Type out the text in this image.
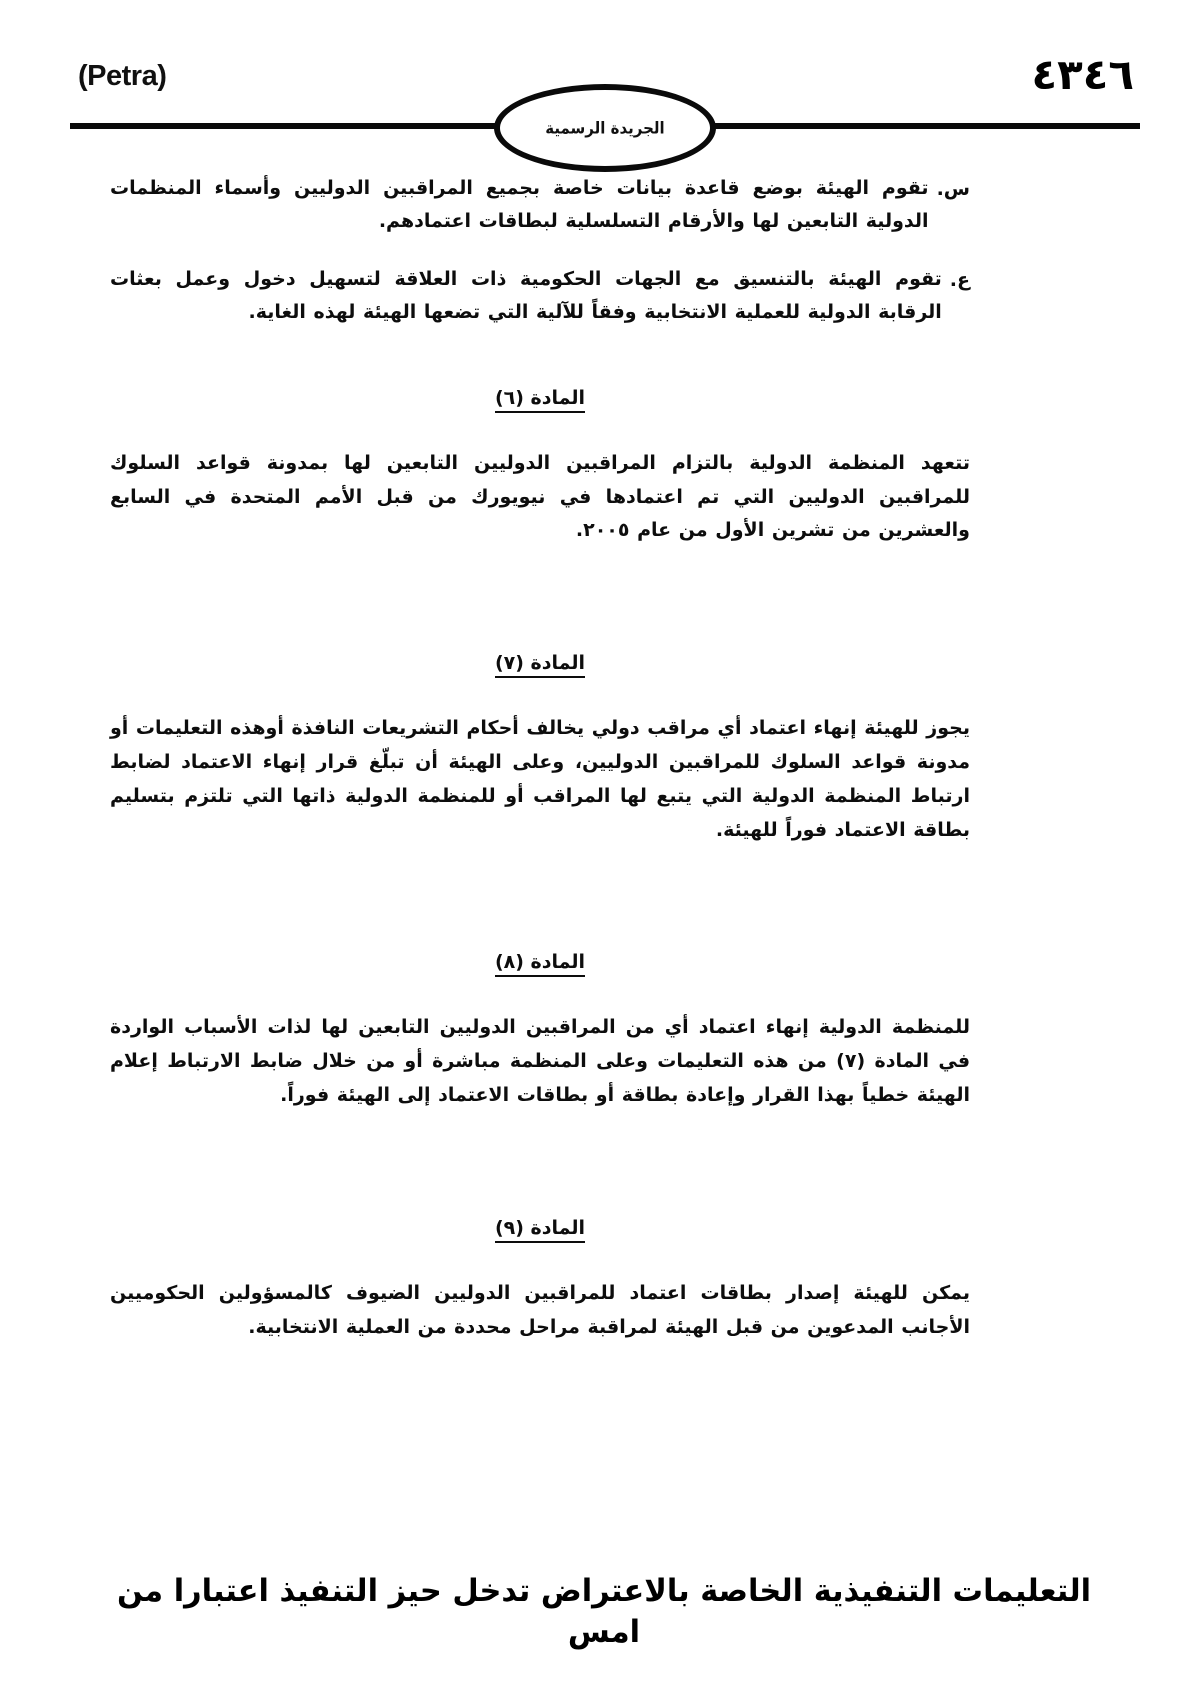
(Petra)	٤٣٤٦
الجريدة الرسمية
س.
تقوم الهيئة بوضع قاعدة بيانات خاصة بجميع المراقبين الدوليين وأسماء المنظمات الدولية التابعين لها والأرقام التسلسلية لبطاقات اعتمادهم.
ع.
تقوم الهيئة بالتنسيق مع الجهات الحكومية ذات العلاقة لتسهيل دخول وعمل بعثات الرقابة الدولية للعملية الانتخابية وفقاً للآلية التي تضعها الهيئة لهذه الغاية.
المادة (٦)
تتعهد المنظمة الدولية بالتزام المراقبين الدوليين التابعين لها بمدونة قواعد السلوك للمراقبين الدوليين التي تم اعتمادها في نيويورك من قبل الأمم المتحدة في السابع والعشرين من تشرين الأول من عام ٢٠٠٥.
المادة (٧)
يجوز للهيئة إنهاء اعتماد أي مراقب دولي يخالف أحكام التشريعات النافذة أوهذه التعليمات أو مدونة قواعد السلوك للمراقبين الدوليين، وعلى الهيئة أن تبلّغ قرار إنهاء الاعتماد لضابط ارتباط المنظمة الدولية التي يتبع لها المراقب أو للمنظمة الدولية ذاتها التي تلتزم بتسليم بطاقة الاعتماد فوراً للهيئة.
المادة (٨)
للمنظمة الدولية إنهاء اعتماد أي من المراقبين الدوليين التابعين لها لذات الأسباب الواردة في المادة (٧) من هذه التعليمات وعلى المنظمة مباشرة أو من خلال ضابط الارتباط إعلام الهيئة خطياً بهذا القرار وإعادة بطاقة أو بطاقات الاعتماد إلى الهيئة فوراً.
المادة (٩)
يمكن للهيئة إصدار بطاقات اعتماد للمراقبين الدوليين الضيوف كالمسؤولين الحكوميين الأجانب المدعوين من قبل الهيئة لمراقبة مراحل محددة من العملية الانتخابية.
التعليمات التنفيذية الخاصة بالاعتراض تدخل حيز التنفيذ اعتبارا من امس
